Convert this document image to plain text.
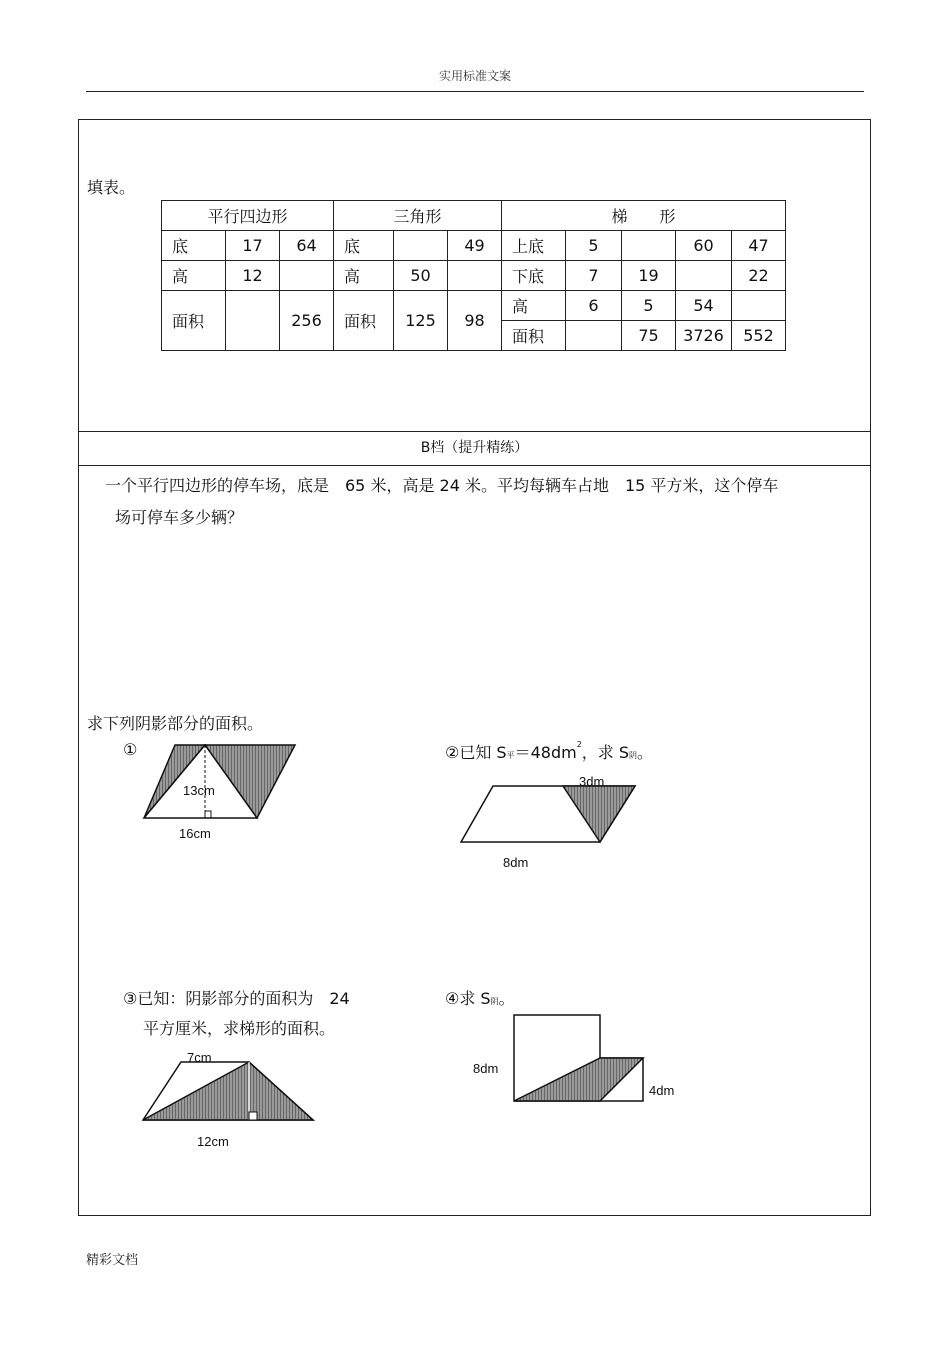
实用标准文案
填表。
平行四边形			三角形			梯　　形				
底	17	64	底		49	上底	5		60	47
高	12		高	50		下底	7	19		22
面积		256	面积	125	98	高	6	5	54	
						面积		75	3726	552
B档（提升精练）
一个平行四边形的停车场，底是　65 米，高是 24 米。平均每辆车占地　15 平方米，这个停车
场可停车多少辆？
求下列阴影部分的面积。
①
13cm
16cm
②已知 S平$=48dm^2$，求 S阴。
3dm
8dm
③已知：阴影部分的面积为　24
平方厘米，求梯形的面积。
7cm
12cm
④求 S阴。
8dm
4dm
精彩文档
